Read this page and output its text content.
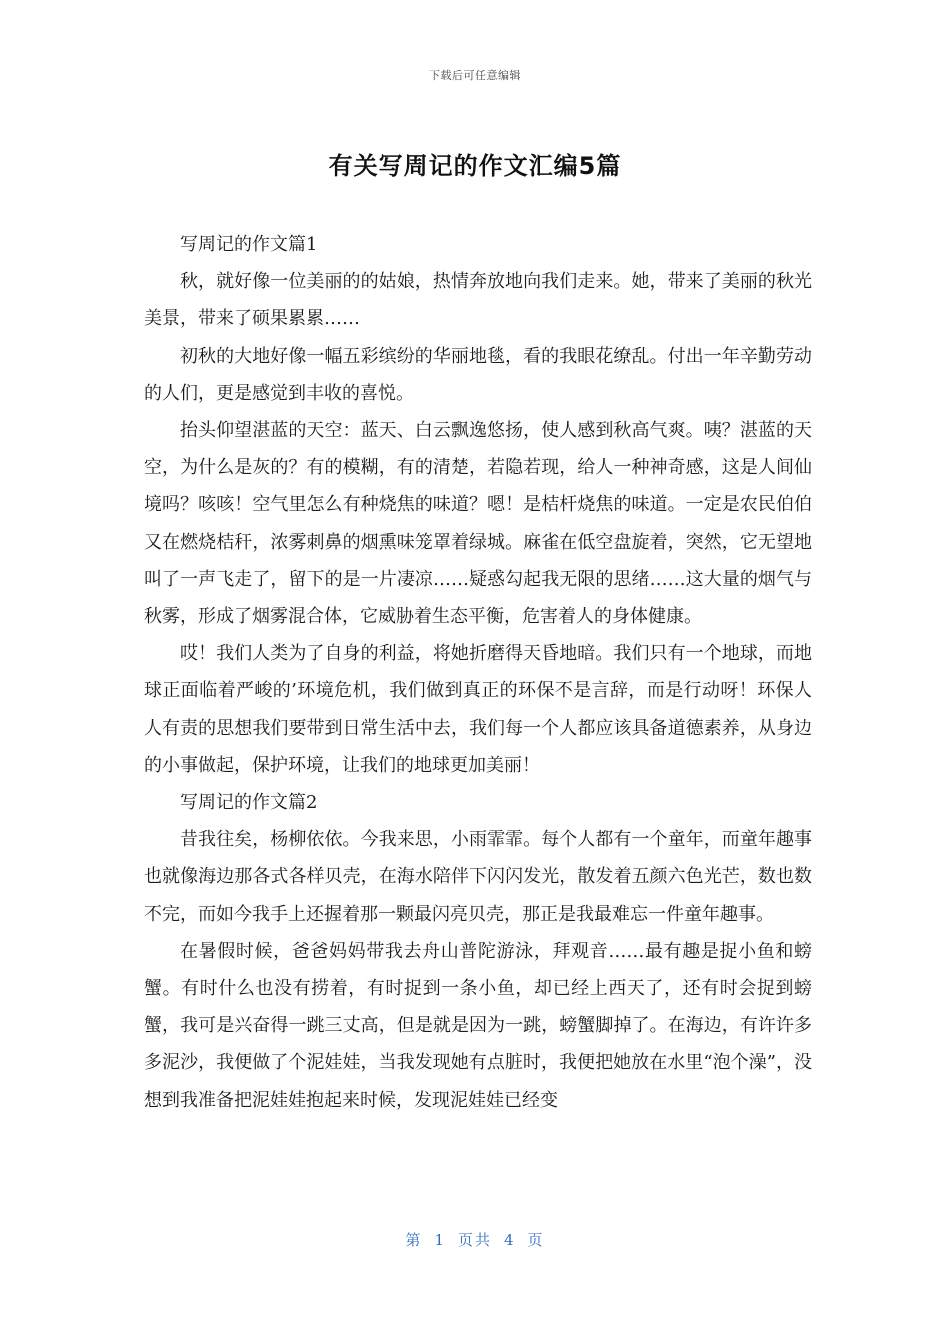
下载后可任意编辑
有关写周记的作文汇编5篇

写周记的作文篇1

秋，就好像一位美丽的的姑娘，热情奔放地向我们走来。她，带来了美丽的秋光美景，带来了硕果累累……

初秋的大地好像一幅五彩缤纷的华丽地毯，看的我眼花缭乱。付出一年辛勤劳动的人们，更是感觉到丰收的喜悦。

抬头仰望湛蓝的天空：蓝天、白云飘逸悠扬，使人感到秋高气爽。咦？湛蓝的天空，为什么是灰的？有的模糊，有的清楚，若隐若现，给人一种神奇感，这是人间仙境吗？咳咳！空气里怎么有种烧焦的味道？嗯！是桔杆烧焦的味道。一定是农民伯伯又在燃烧桔秆，浓雾刺鼻的烟熏味笼罩着绿城。麻雀在低空盘旋着，突然，它无望地叫了一声飞走了，留下的是一片凄凉……疑惑勾起我无限的思绪……这大量的烟气与秋雾，形成了烟雾混合体，它威胁着生态平衡，危害着人的身体健康。

哎！我们人类为了自身的利益，将她折磨得天昏地暗。我们只有一个地球，而地球正面临着严峻的’环境危机，我们做到真正的环保不是言辞，而是行动呀！环保人人有责的思想我们要带到日常生活中去，我们每一个人都应该具备道德素养，从身边的小事做起，保护环境，让我们的地球更加美丽！

写周记的作文篇2

昔我往矣，杨柳依依。今我来思，小雨霏霏。每个人都有一个童年，而童年趣事也就像海边那各式各样贝壳，在海水陪伴下闪闪发光，散发着五颜六色光芒，数也数不完，而如今我手上还握着那一颗最闪亮贝壳，那正是我最难忘一件童年趣事。

在暑假时候，爸爸妈妈带我去舟山普陀游泳，拜观音……最有趣是捉小鱼和螃蟹。有时什么也没有捞着，有时捉到一条小鱼，却已经上西天了，还有时会捉到螃蟹，我可是兴奋得一跳三丈高，但是就是因为一跳，螃蟹脚掉了。在海边，有许许多多泥沙，我便做了个泥娃娃，当我发现她有点脏时，我便把她放在水里“泡个澡”，没想到我准备把泥娃娃抱起来时候，发现泥娃娃已经变

第 1 页共 4 页
